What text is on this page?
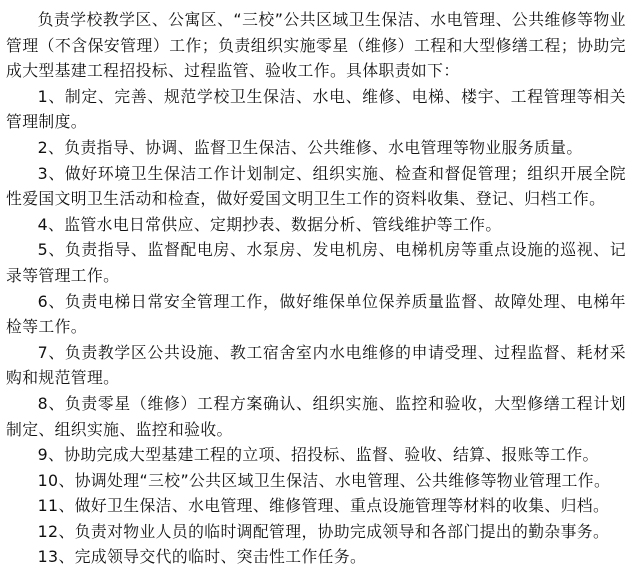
负责学校教学区、公寓区、“三校”公共区域卫生保洁、水电管理、公共维修等物业管理（不含保安管理）工作；负责组织实施零星（维修）工程和大型修缮工程；协助完成大型基建工程招投标、过程监管、验收工作。具体职责如下：

1、制定、完善、规范学校卫生保洁、水电、维修、电梯、楼宇、工程管理等相关管理制度。

2、负责指导、协调、监督卫生保洁、公共维修、水电管理等物业服务质量。

3、做好环境卫生保洁工作计划制定、组织实施、检查和督促管理；组织开展全院性爱国文明卫生活动和检查，做好爱国文明卫生工作的资料收集、登记、归档工作。

4、监管水电日常供应、定期抄表、数据分析、管线维护等工作。

5、负责指导、监督配电房、水泵房、发电机房、电梯机房等重点设施的巡视、记录等管理工作。

6、负责电梯日常安全管理工作，做好维保单位保养质量监督、故障处理、电梯年检等工作。

7、负责教学区公共设施、教工宿舍室内水电维修的申请受理、过程监督、耗材采购和规范管理。

8、负责零星（维修）工程方案确认、组织实施、监控和验收，大型修缮工程计划制定、组织实施、监控和验收。

9、协助完成大型基建工程的立项、招投标、监督、验收、结算、报账等工作。

10、协调处理“三校”公共区域卫生保洁、水电管理、公共维修等物业管理工作。

11、做好卫生保洁、水电管理、维修管理、重点设施管理等材料的收集、归档。

12、负责对物业人员的临时调配管理，协助完成领导和各部门提出的勤杂事务。

13、完成领导交代的临时、突击性工作任务。
